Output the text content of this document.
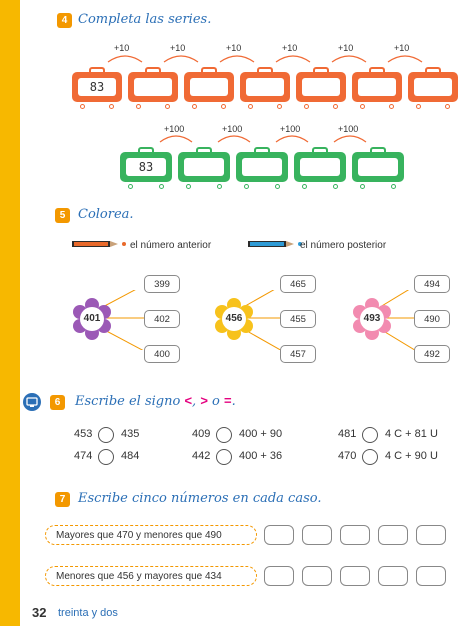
4 Completa las series.
+10	+10	+10	+10	+10	+10
83
+100	+100	+100	+100
83
5 Colorea.
el número anterior	el número posterior
401
399
402
400
456
465
455
457
493
494
490
492
6	Escribe el signo <, > o =.
453	435	409	400 + 90	481	4 C + 81 U
474	484	442	400 + 36	470	4 C + 90 U
7 Escribe cinco números en cada caso.
Mayores que 470 y menores que 490
Menores que 456 y mayores que 434
32 treinta y dos
